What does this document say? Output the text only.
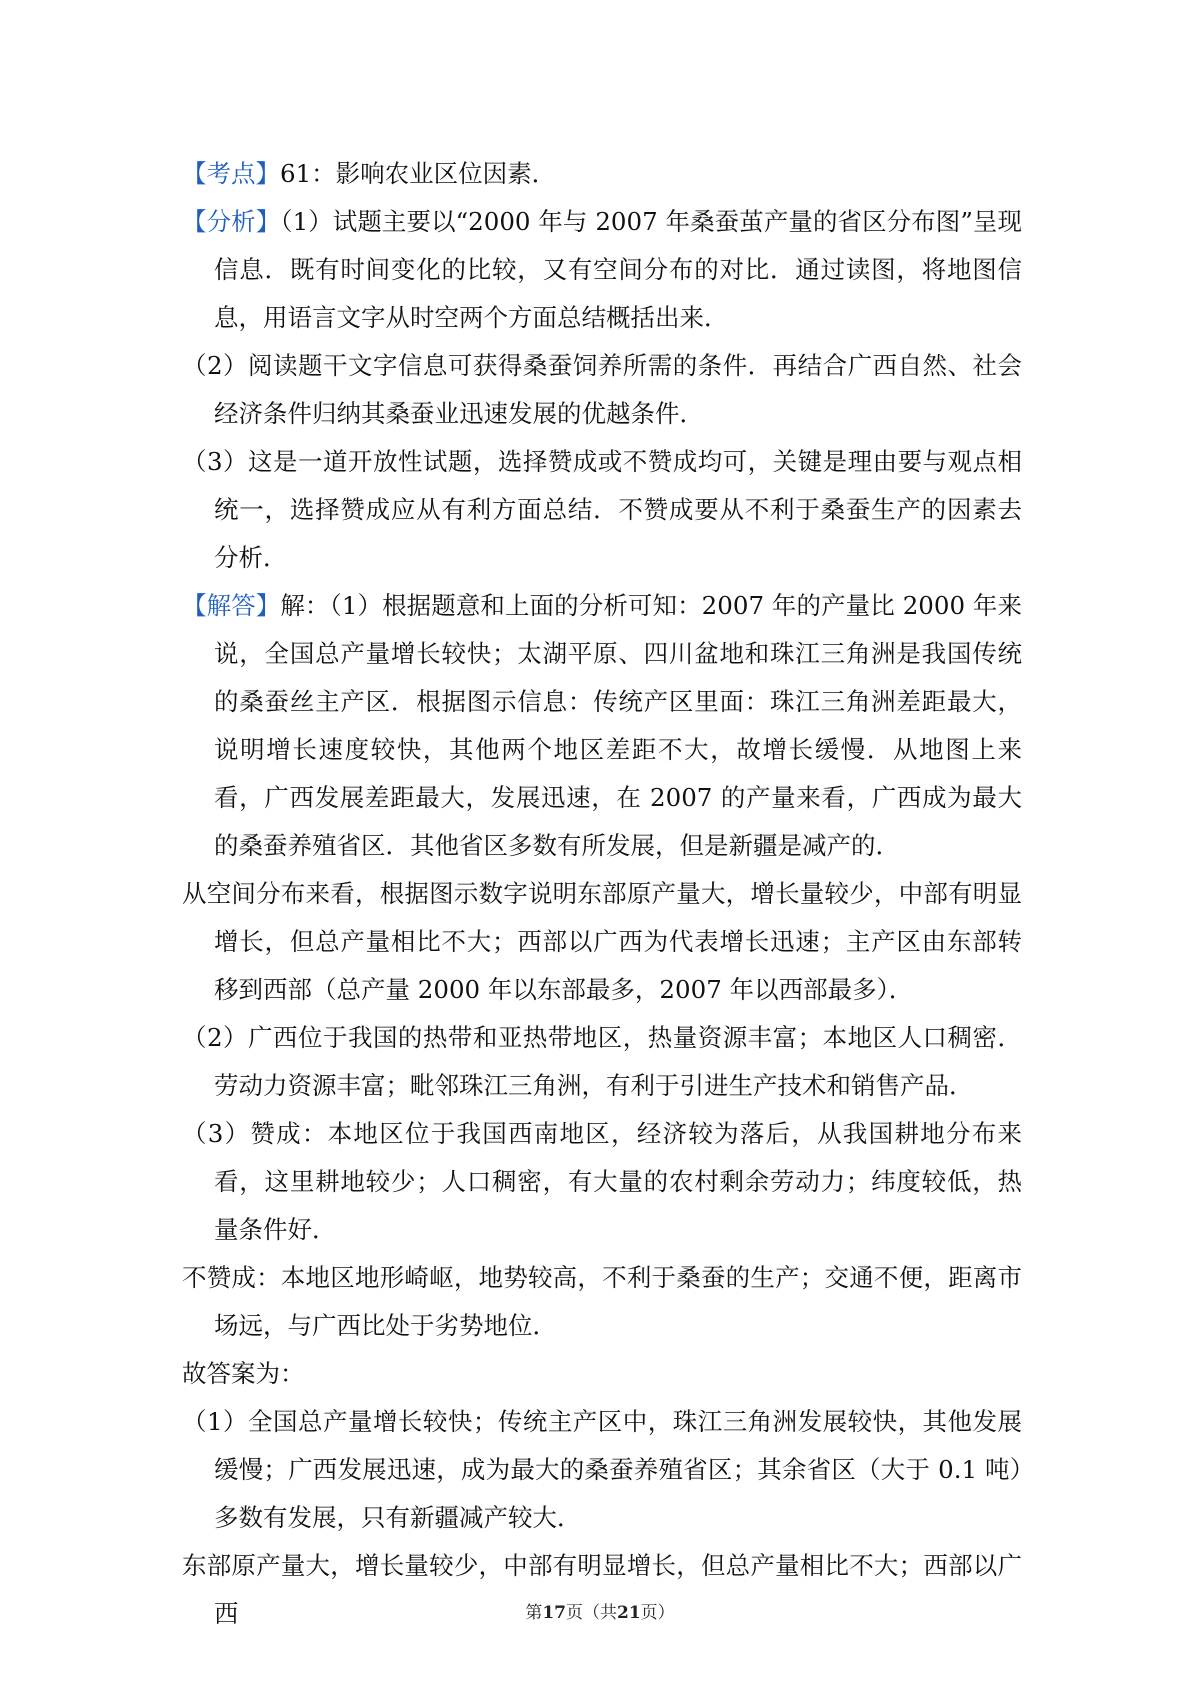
【考点】61：影响农业区位因素．

【分析】（1）试题主要以“2000 年与 2007 年桑蚕茧产量的省区分布图”呈现信息．既有时间变化的比较，又有空间分布的对比．通过读图，将地图信息，用语言文字从时空两个方面总结概括出来．

（2）阅读题干文字信息可获得桑蚕饲养所需的条件．再结合广西自然、社会经济条件归纳其桑蚕业迅速发展的优越条件．

（3）这是一道开放性试题，选择赞成或不赞成均可，关键是理由要与观点相统一，选择赞成应从有利方面总结．不赞成要从不利于桑蚕生产的因素去分析．

【解答】解：（1）根据题意和上面的分析可知：2007 年的产量比 2000 年来说，全国总产量增长较快；太湖平原、四川盆地和珠江三角洲是我国传统的桑蚕丝主产区．根据图示信息：传统产区里面：珠江三角洲差距最大，说明增长速度较快，其他两个地区差距不大，故增长缓慢．从地图上来看，广西发展差距最大，发展迅速，在 2007 的产量来看，广西成为最大的桑蚕养殖省区．其他省区多数有所发展，但是新疆是减产的．

从空间分布来看，根据图示数字说明东部原产量大，增长量较少，中部有明显增长，但总产量相比不大；西部以广西为代表增长迅速；主产区由东部转移到西部（总产量 2000 年以东部最多，2007 年以西部最多）．

（2）广西位于我国的热带和亚热带地区，热量资源丰富；本地区人口稠密．劳动力资源丰富；毗邻珠江三角洲，有利于引进生产技术和销售产品．

（3）赞成：本地区位于我国西南地区，经济较为落后，从我国耕地分布来看，这里耕地较少；人口稠密，有大量的农村剩余劳动力；纬度较低，热量条件好．

不赞成：本地区地形崎岖，地势较高，不利于桑蚕的生产；交通不便，距离市场远，与广西比处于劣势地位．

故答案为：

（1）全国总产量增长较快；传统主产区中，珠江三角洲发展较快，其他发展缓慢；广西发展迅速，成为最大的桑蚕养殖省区；其余省区（大于 0.1 吨）多数有发展，只有新疆减产较大．

东部原产量大，增长量较少，中部有明显增长，但总产量相比不大；西部以广西	第17页（共21页）
